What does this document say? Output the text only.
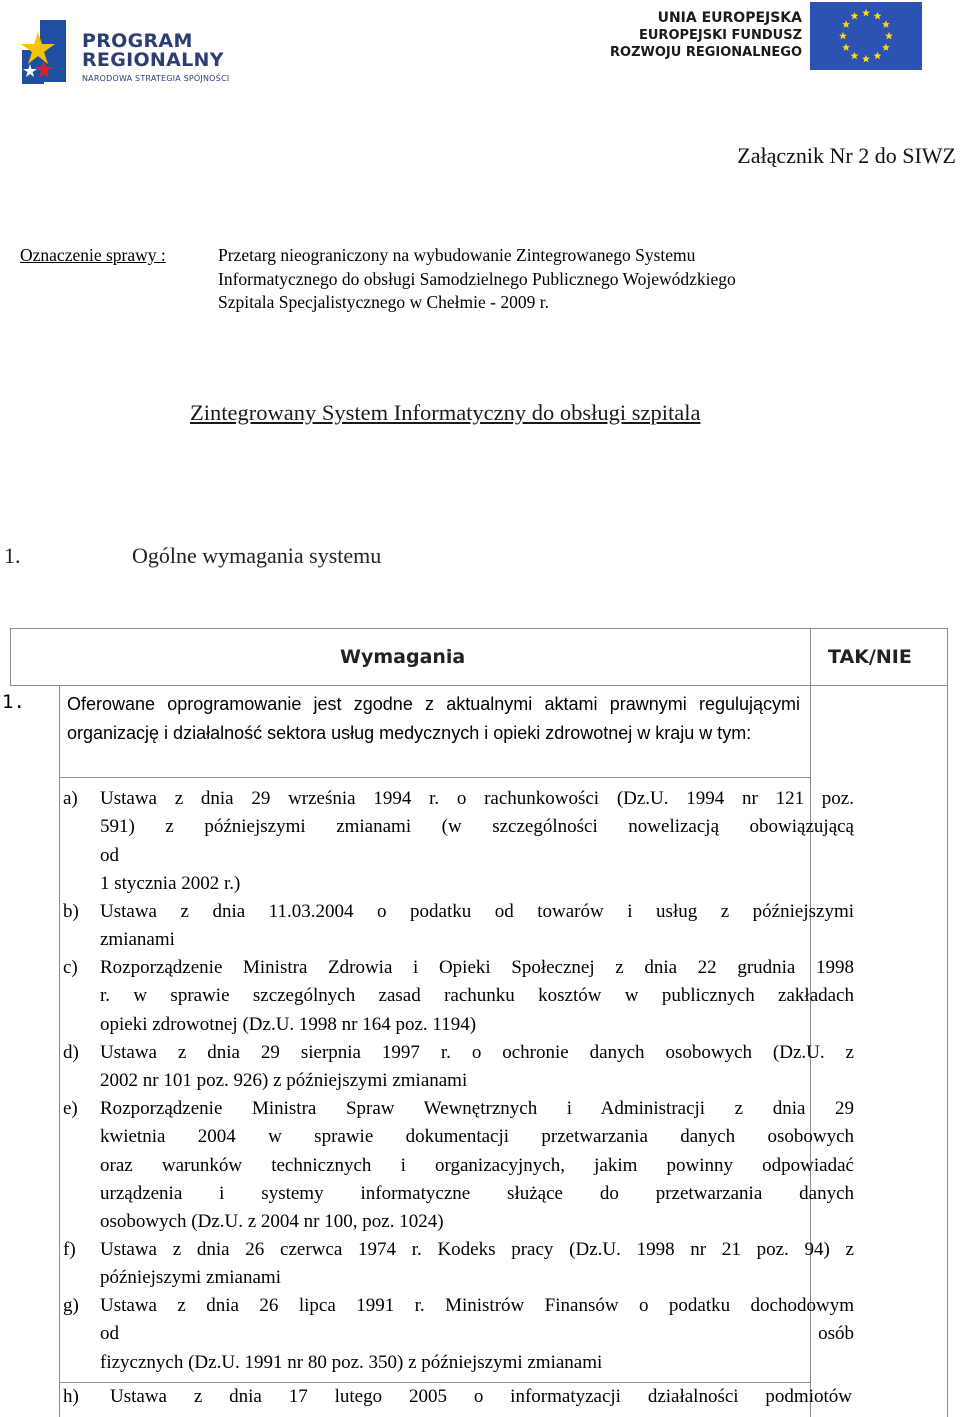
PROGRAM
REGIONALNY
NARODOWA STRATEGIA SPÓJNOŚCI
UNIA EUROPEJSKA
EUROPEJSKI FUNDUSZ
ROZWOJU REGIONALNEGO
Załącznik Nr 2 do SIWZ
Oznaczenie sprawy :	Przetarg nieograniczony na wybudowanie Zintegrowanego Systemu
Informatycznego do obsługi Samodzielnego Publicznego Wojewódzkiego
Szpitala Specjalistycznego w Chełmie - 2009 r.
Zintegrowany System Informatyczny do obsługi szpitala
1.	Ogólne wymagania systemu
Wymagania	TAK/NIE
1. Oferowane oprogramowanie jest zgodne z aktualnymi aktami prawnymi regulującymi organizację i działalność sektora usług medycznych i opieki zdrowotnej w kraju w tym:
a) Ustawa z dnia 29 września 1994 r. o rachunkowości (Dz.U. 1994 nr 121 poz.
591) z późniejszymi zmianami (w szczególności nowelizacją obowiązującą
od
1 stycznia 2002 r.)
b) Ustawa z dnia 11.03.2004 o podatku od towarów i usług z późniejszymi
zmianami
c) Rozporządzenie Ministra Zdrowia i Opieki Społecznej z dnia 22 grudnia 1998
r. w sprawie szczególnych zasad rachunku kosztów w publicznych zakładach
opieki zdrowotnej (Dz.U. 1998 nr 164 poz. 1194)
d) Ustawa z dnia 29 sierpnia 1997 r. o ochronie danych osobowych (Dz.U. z
2002 nr 101 poz. 926) z późniejszymi zmianami
e) Rozporządzenie Ministra Spraw Wewnętrznych i Administracji z dnia 29
kwietnia 2004 w sprawie dokumentacji przetwarzania danych osobowych
oraz warunków technicznych i organizacyjnych, jakim powinny odpowiadać
urządzenia i systemy informatyczne służące do przetwarzania danych
osobowych (Dz.U. z 2004 nr 100, poz. 1024)
f) Ustawa z dnia 26 czerwca 1974 r. Kodeks pracy (Dz.U. 1998 nr 21 poz. 94) z
późniejszymi zmianami
g) Ustawa z dnia 26 lipca 1991 r. Ministrów Finansów o podatku dochodowym
od osób
fizycznych (Dz.U. 1991 nr 80 poz. 350) z późniejszymi zmianami
h) Ustawa z dnia 17 lutego 2005 o informatyzacji działalności podmiotów
